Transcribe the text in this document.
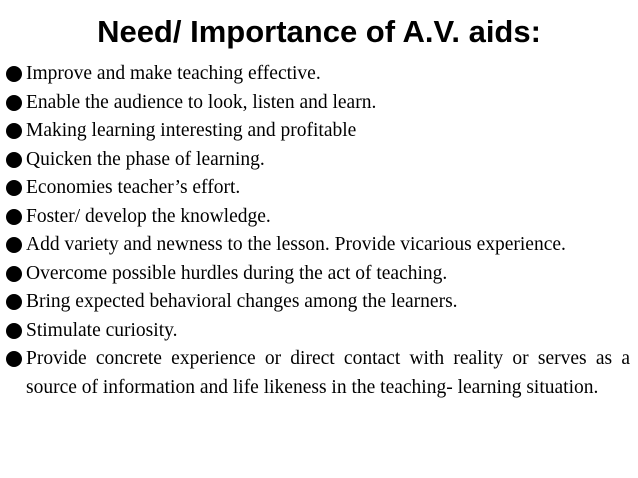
Need/ Importance of A.V. aids:
Improve and make teaching effective.
Enable the audience to look, listen and learn.
Making learning interesting and profitable
Quicken the phase of learning.
Economies teacher’s effort.
Foster/ develop the knowledge.
Add variety and newness to the lesson. Provide vicarious experience.
Overcome possible hurdles during the act of teaching.
Bring expected behavioral changes among the learners.
Stimulate curiosity.
Provide concrete experience or direct contact with reality or serves as a source of information and life likeness in the teaching- learning situation.
